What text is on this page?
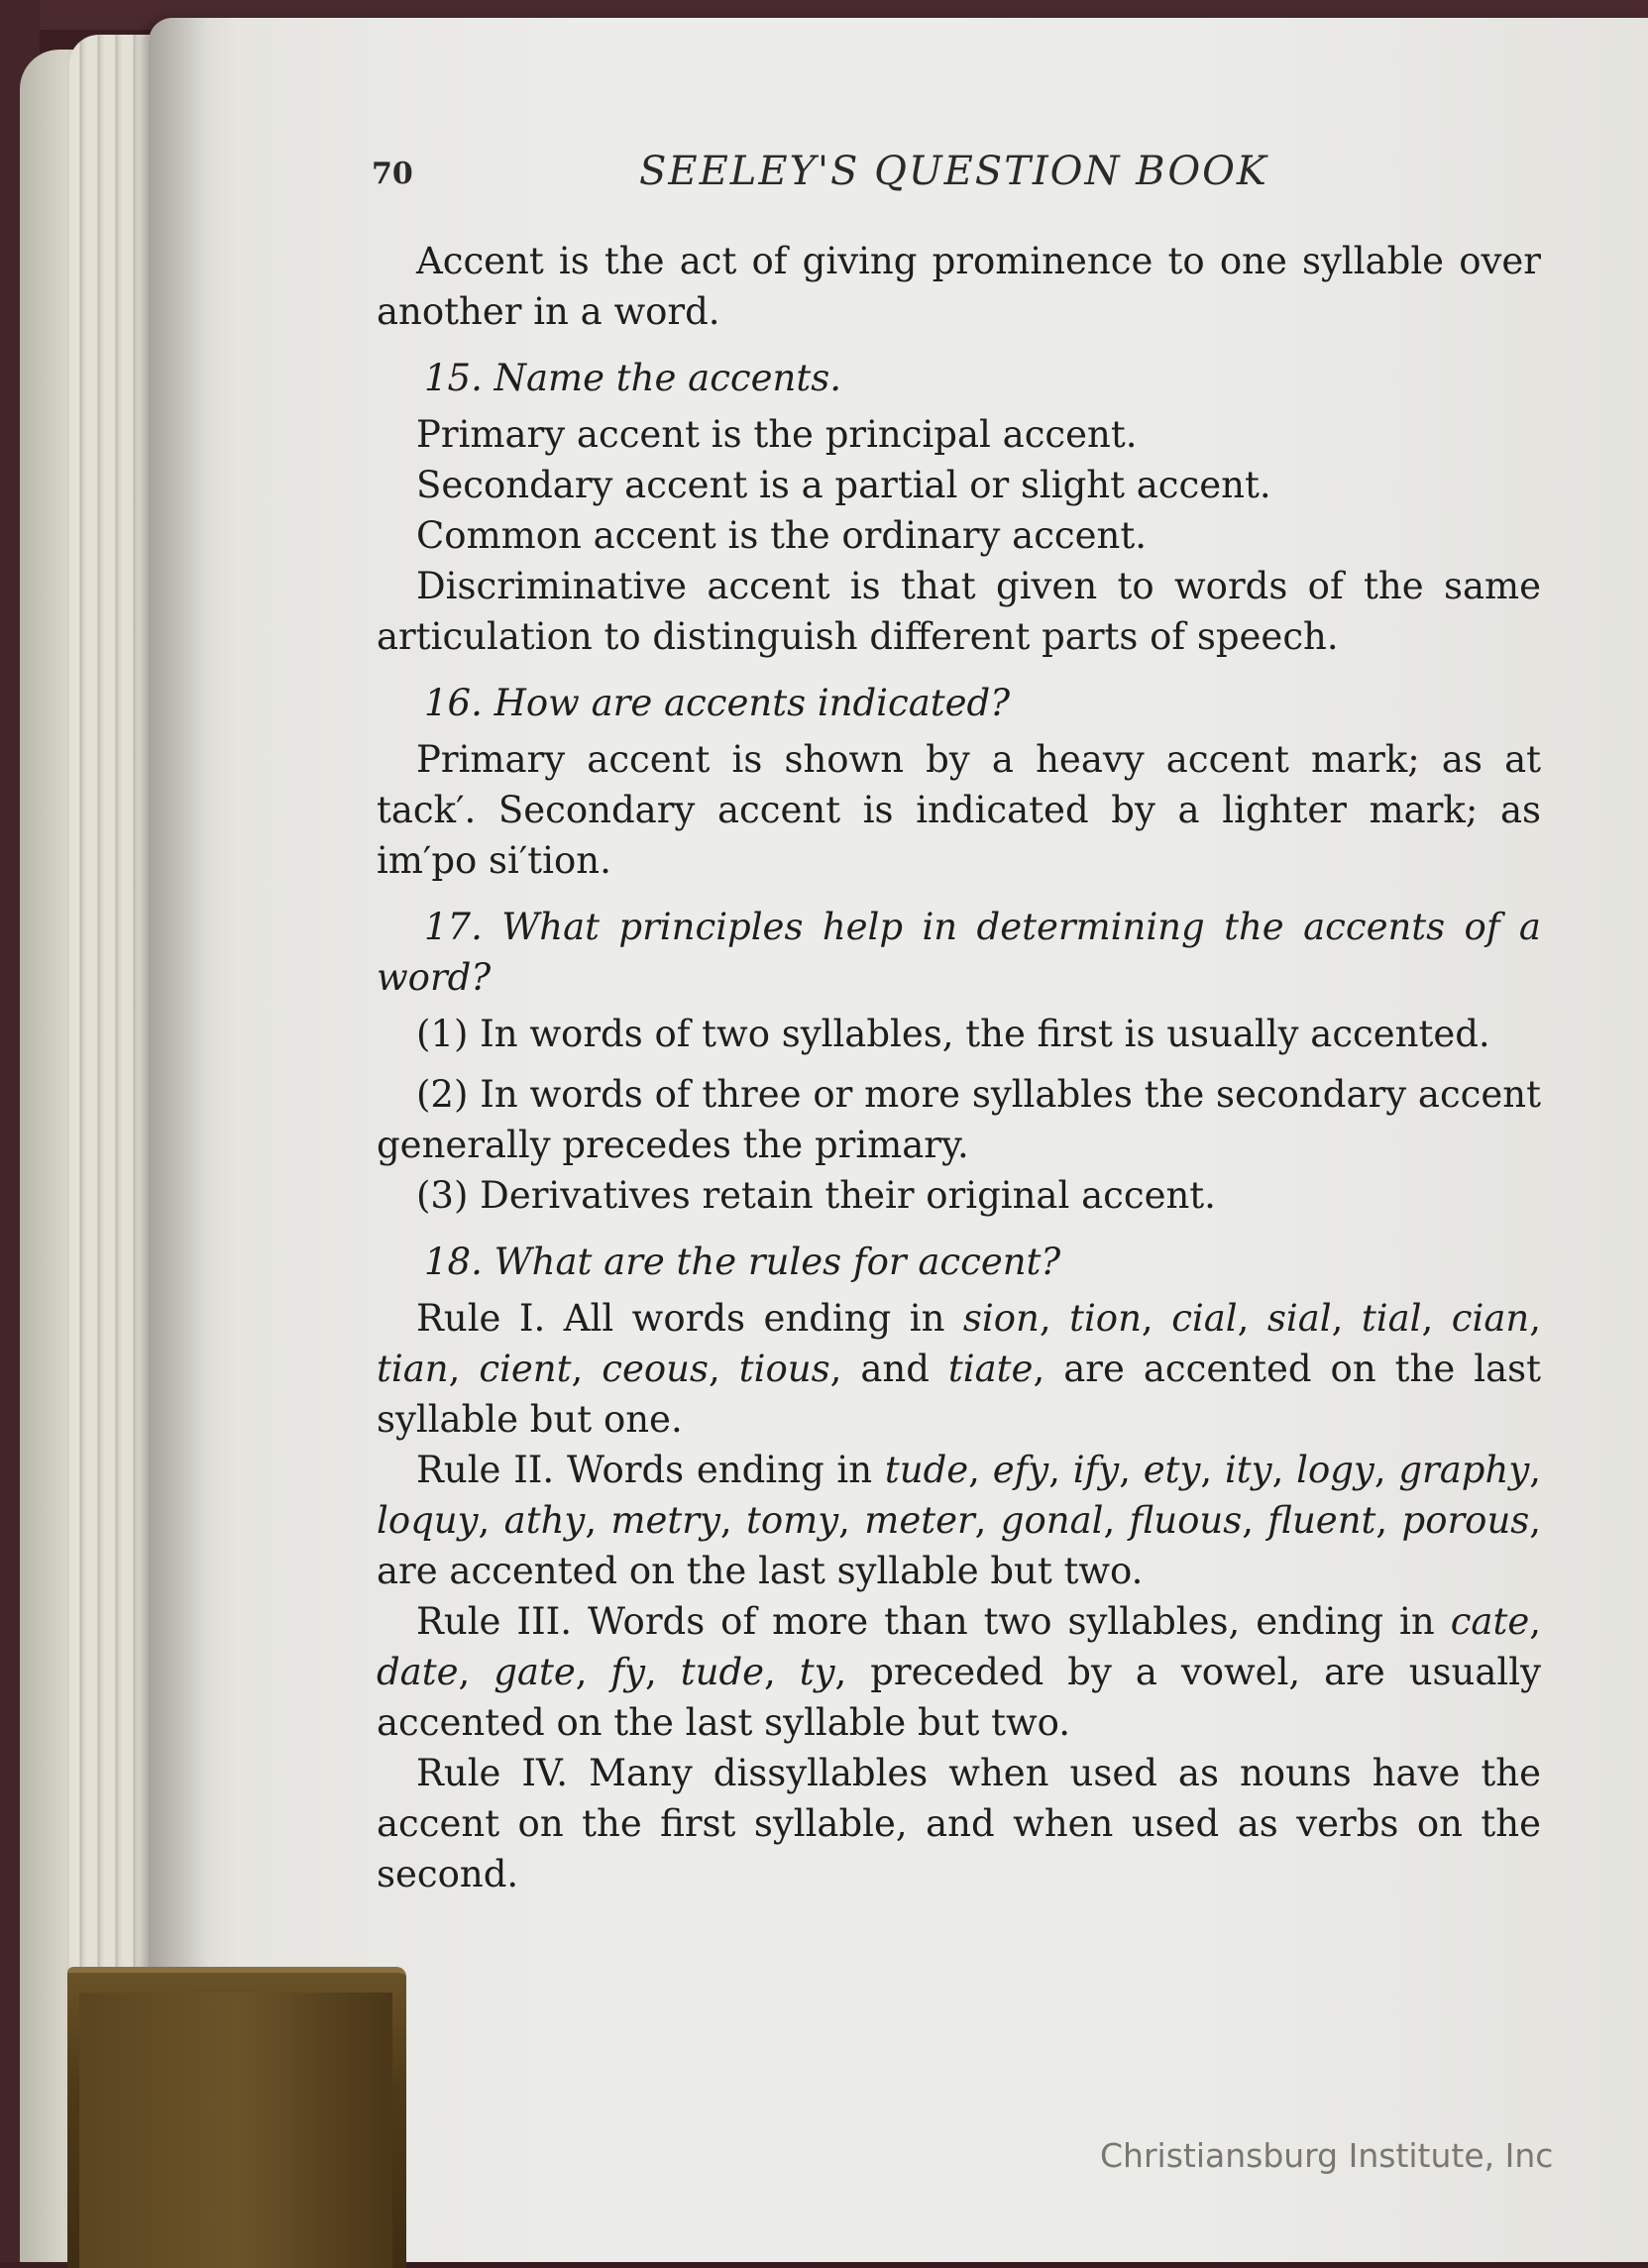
70	SEELEY'S QUESTION BOOK

Accent is the act of giving prominence to one syllable over another in a word.

15. Name the accents.

Primary accent is the principal accent.

Secondary accent is a partial or slight accent.

Common accent is the ordinary accent.

Discriminative accent is that given to words of the same articulation to distinguish different parts of speech.

16. How are accents indicated?

Primary accent is shown by a heavy accent mark; as at tack′. Secondary accent is indicated by a lighter mark; as im′po si′tion.

17. What principles help in determining the accents of a word?

(1) In words of two syllables, the first is usually accented.

(2) In words of three or more syllables the secondary accent generally precedes the primary.

(3) Derivatives retain their original accent.

18. What are the rules for accent?

Rule I. All words ending in sion, tion, cial, sial, tial, cian, tian, cient, ceous, tious, and tiate, are accented on the last syllable but one.

Rule II. Words ending in tude, efy, ify, ety, ity, logy, graphy, loquy, athy, metry, tomy, meter, gonal, fluous, fluent, porous, are accented on the last syllable but two.

Rule III. Words of more than two syllables, ending in cate, date, gate, fy, tude, ty, preceded by a vowel, are usually accented on the last syllable but two.

Rule IV. Many dissyllables when used as nouns have the accent on the first syllable, and when used as verbs on the second.

Christiansburg Institute, Inc
